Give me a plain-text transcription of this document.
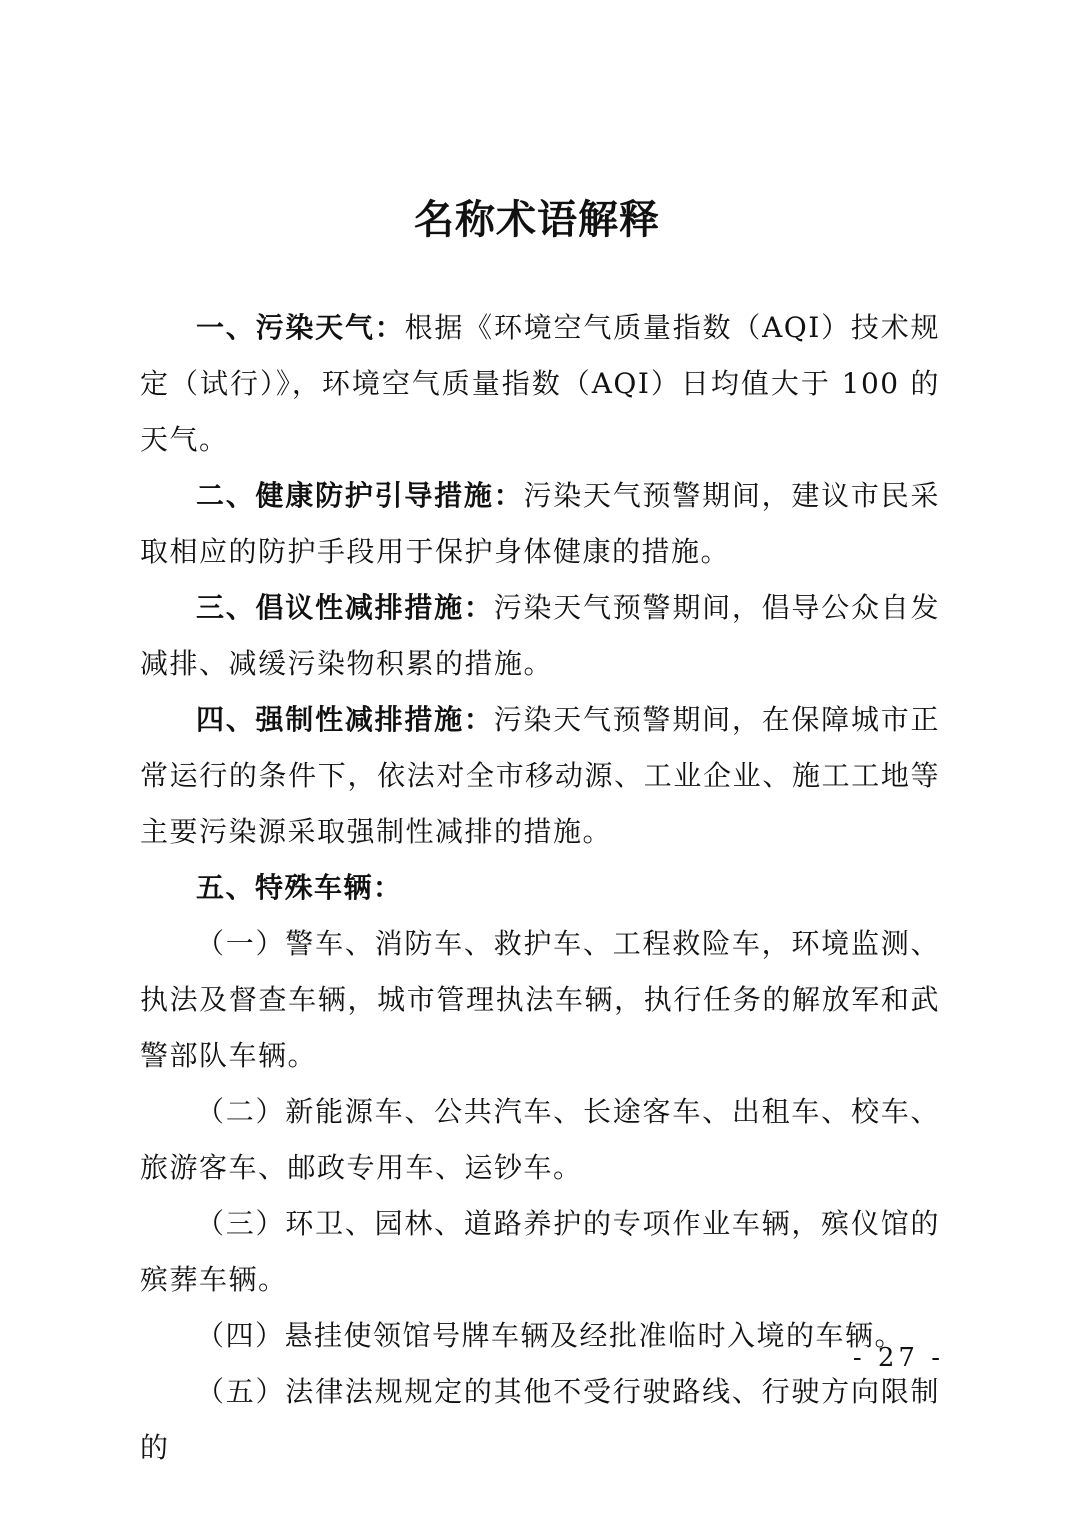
名称术语解释

一、污染天气：根据《环境空气质量指数（AQI）技术规定（试行）》，环境空气质量指数（AQI）日均值大于 100 的天气。

二、健康防护引导措施：污染天气预警期间，建议市民采取相应的防护手段用于保护身体健康的措施。

三、倡议性减排措施：污染天气预警期间，倡导公众自发减排、减缓污染物积累的措施。

四、强制性减排措施：污染天气预警期间，在保障城市正常运行的条件下，依法对全市移动源、工业企业、施工工地等主要污染源采取强制性减排的措施。

五、特殊车辆：

（一）警车、消防车、救护车、工程救险车，环境监测、执法及督查车辆，城市管理执法车辆，执行任务的解放军和武警部队车辆。

（二）新能源车、公共汽车、长途客车、出租车、校车、旅游客车、邮政专用车、运钞车。

（三）环卫、园林、道路养护的专项作业车辆，殡仪馆的殡葬车辆。

（四）悬挂使领馆号牌车辆及经批准临时入境的车辆。

（五）法律法规规定的其他不受行驶路线、行驶方向限制的

- 27 -
